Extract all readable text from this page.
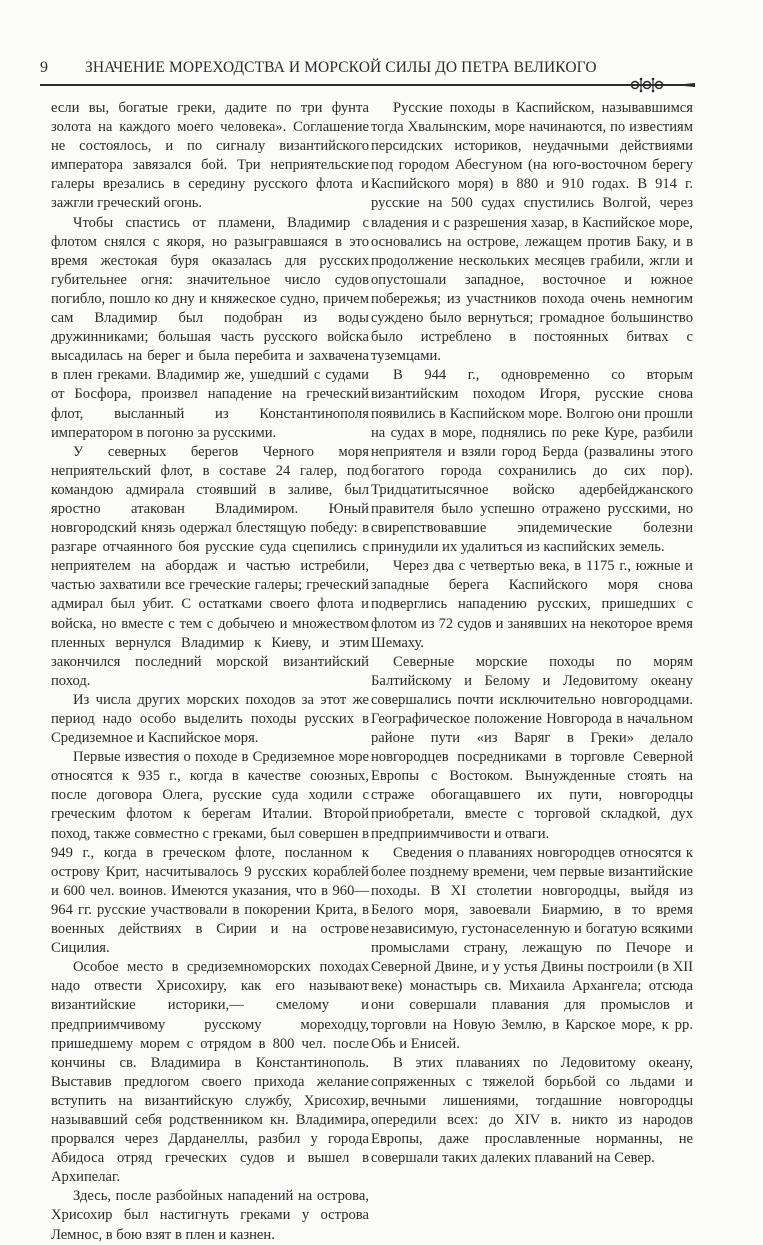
9 ЗНАЧЕНИЕ МОРЕХОДСТВА И МОРСКОЙ СИЛЫ ДО ПЕТРА ВЕЛИКОГО

если вы, богатые греки, дадите по три фунта золота на каждого моего человека». Соглашение не состоялось, и по сигналу византийского императора завязался бой. Три неприятельские галеры врезались в середину русского флота и зажгли греческий огонь.

Чтобы спастись от пламени, Владимир с флотом снялся с якоря, но разыгравшаяся в это время жестокая буря оказалась для русских губительнее огня: значительное число судов погибло, пошло ко дну и княжеское судно, причем сам Владимир был подобран из воды дружинниками; большая часть русского войска высадилась на берег и была перебита и захвачена в плен греками. Владимир же, ушедший с судами от Босфора, произвел нападение на греческий флот, высланный из Константинополя императором в погоню за русскими.

У северных берегов Черного моря неприятельский флот, в составе 24 галер, под командою адмирала стоявший в заливе, был яростно атакован Владимиром. Юный новгородский князь одержал блестящую победу: в разгаре отчаянного боя русские суда сцепились с неприятелем на абордаж и частью истребили, частью захватили все греческие галеры; греческий адмирал был убит. С остатками своего флота и войска, но вместе с тем с добычею и множеством пленных вернулся Владимир к Киеву, и этим закончился последний морской византийский поход.

Из числа других морских походов за этот же период надо особо выделить походы русских в Средиземное и Каспийское моря.

Первые известия о походе в Средиземное море относятся к 935 г., когда в качестве союзных, после договора Олега, русские суда ходили с греческим флотом к берегам Италии. Второй поход, также совместно с греками, был совершен в 949 г., когда в греческом флоте, посланном к острову Крит, насчитывалось 9 русских кораблей и 600 чел. воинов. Имеются указания, что в 960—964 гг. русские участвовали в покорении Крита, в военных действиях в Сирии и на острове Сицилия.

Особое место в средиземноморских походах надо отвести Хрисохиру, как его называют византийские историки,— смелому и предприимчивому русскому мореходцу, пришедшему морем с отрядом в 800 чел. после кончины св. Владимира в Константинополь. Выставив предлогом своего прихода желание вступить на византийскую службу, Хрисохир, называвший себя родственником кн. Владимира, прорвался через Дарданеллы, разбил у города Абидоса отряд греческих судов и вышел в Архипелаг.

Здесь, после разбойных нападений на острова, Хрисохир был настигнуть греками у острова Лемнос, в бою взят в плен и казнен.

Русские походы в Каспийском, называвшимся тогда Хвалынским, море начинаются, по известиям персидских историков, неудачными действиями под городом Абесгуном (на юго-восточном берегу Каспийского моря) в 880 и 910 годах. В 914 г. русские на 500 судах спустились Волгой, через владения и с разрешения хазар, в Каспийское море, основались на острове, лежащем против Баку, и в продолжение нескольких месяцев грабили, жгли и опустошали западное, восточное и южное побережья; из участников похода очень немногим суждено было вернуться; громадное большинство было истреблено в постоянных битвах с туземцами.

В 944 г., одновременно со вторым византийским походом Игоря, русские снова появились в Каспийском море. Волгою они прошли на судах в море, поднялись по реке Куре, разбили неприятеля и взяли город Берда (развалины этого богатого города сохранились до сих пор). Тридцатитысячное войско адербейджанского правителя было успешно отражено русскими, но свирепствовавшие эпидемические болезни принудили их удалиться из каспийских земель.

Через два с четвертью века, в 1175 г., южные и западные берега Каспийского моря снова подверглись нападению русских, пришедших с флотом из 72 судов и занявших на некоторое время Шемаху.

Северные морские походы по морям Балтийскому и Белому и Ледовитому океану совершались почти исключительно новгородцами. Географическое положение Новгорода в начальном районе пути «из Варяг в Греки» делало новгородцев посредниками в торговле Северной Европы с Востоком. Вынужденные стоять на страже обогащавшего их пути, новгородцы приобретали, вместе с торговой складкой, дух предприимчивости и отваги.

Сведения о плаваниях новгородцев относятся к более позднему времени, чем первые византийские походы. В XI столетии новгородцы, выйдя из Белого моря, завоевали Биармию, в то время независимую, густонаселенную и богатую всякими промыслами страну, лежащую по Печоре и Северной Двине, и у устья Двины построили (в XII веке) монастырь св. Михаила Архангела; отсюда они совершали плавания для промыслов и торговли на Новую Землю, в Карское море, к рр. Обь и Енисей.

В этих плаваниях по Ледовитому океану, сопряженных с тяжелой борьбой со льдами и вечными лишениями, тогдашние новгородцы опередили всех: до XIV в. никто из народов Европы, даже прославленные норманны, не совершали таких далеких плаваний на Север.
